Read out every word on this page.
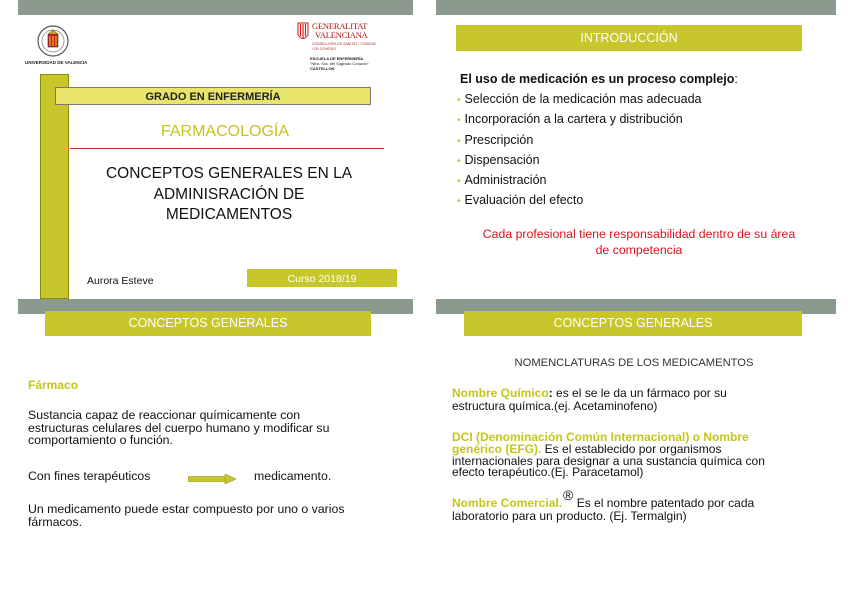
UNIVERSIDAD DE VALENCIA
GENERALITAT
VALENCIANA
CONSELLERIA DE SANITAT I CONSUM
I DE COHESIÓ
ESCUELA DE ENFERMERÍA
"Ntra. Sra. del Sagrado Corazón"
CASTELLÓN
GRADO EN ENFERMERÍA
FARMACOLOGÍA
CONCEPTOS GENERALES EN LA
ADMINISRACIÓN DE
MEDICAMENTOS
Aurora Esteve	Curso 2018/19
INTRODUCCIÓN
El uso de medicación es un proceso complejo:
• Selección de la medicación mas adecuada
• Incorporación a la cartera y distribución
• Prescripción
• Dispensación
• Administración
• Evaluación del efecto
Cada profesional tiene responsabilidad dentro de su área
de competencia
CONCEPTOS GENERALES
Fármaco
Sustancia capaz de reaccionar químicamente con
estructuras celulares del cuerpo humano y modificar su
comportamiento o función.
Con fines terapéuticos	medicamento.
Un medicamento puede estar compuesto por uno o varios
fármacos.
CONCEPTOS GENERALES
NOMENCLATURAS DE LOS MEDICAMENTOS
Nombre Químico: es el se le da un fármaco por su
estructura química.(ej. Acetaminofeno)
DCI (Denominación Común Internacional) o Nombre
genérico (EFG). Es el establecido por organismos
internacionales para designar a una sustancia química con
efecto terapéutico.(Ej. Paracetamol)
Nombre Comercial.® Es el nombre patentado por cada
laboratorio para un producto. (Ej. Termalgin)
